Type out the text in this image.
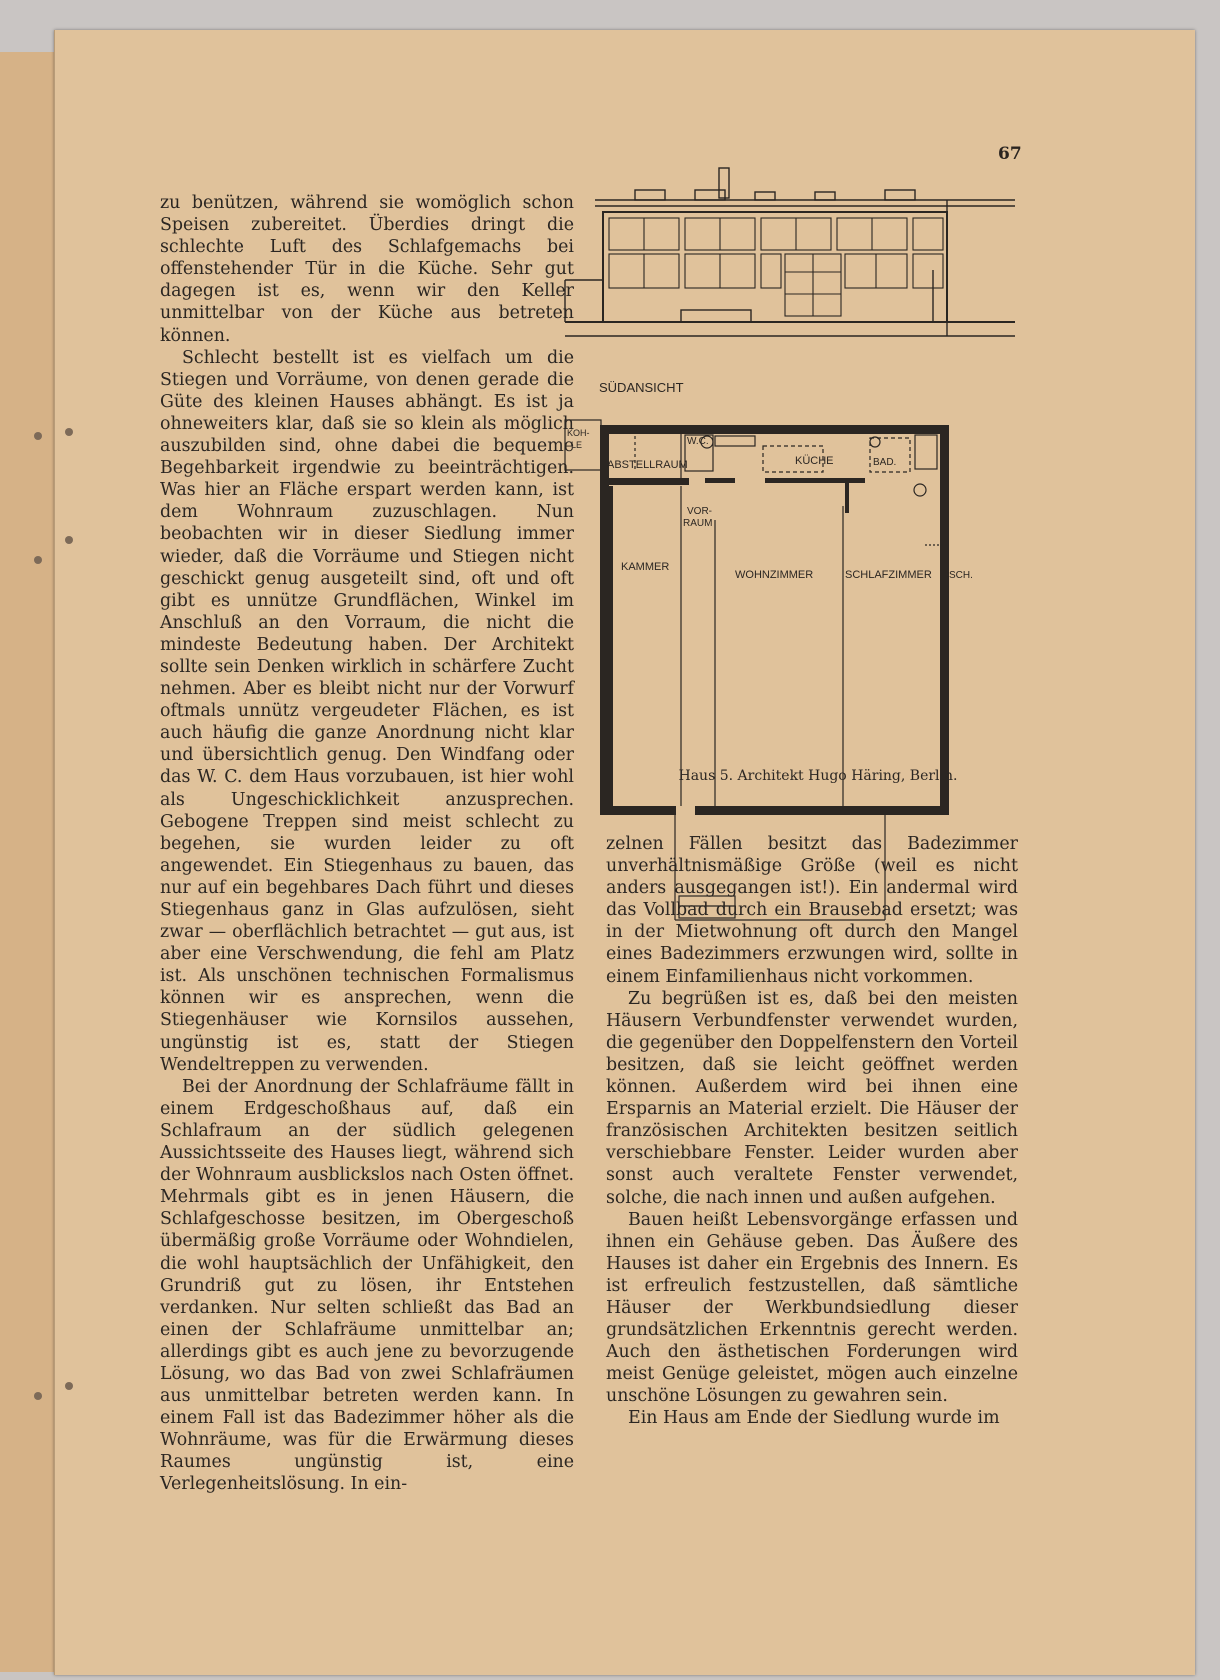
67

zu benützen, während sie womöglich schon Speisen zubereitet. Überdies dringt die schlechte Luft des Schlafgemachs bei offenstehender Tür in die Küche. Sehr gut dagegen ist es, wenn wir den Keller unmittelbar von der Küche aus betreten können.

Schlecht bestellt ist es vielfach um die Stiegen und Vorräume, von denen gerade die Güte des kleinen Hauses abhängt. Es ist ja ohneweiters klar, daß sie so klein als möglich auszubilden sind, ohne dabei die bequeme Begehbarkeit irgendwie zu beeinträchtigen. Was hier an Fläche erspart werden kann, ist dem Wohnraum zuzuschlagen. Nun beobachten wir in dieser Siedlung immer wieder, daß die Vorräume und Stiegen nicht geschickt genug ausgeteilt sind, oft und oft gibt es unnütze Grundflächen, Winkel im Anschluß an den Vorraum, die nicht die mindeste Bedeutung haben. Der Architekt sollte sein Denken wirklich in schärfere Zucht nehmen. Aber es bleibt nicht nur der Vorwurf oftmals unnütz vergeudeter Flächen, es ist auch häufig die ganze Anordnung nicht klar und übersichtlich genug. Den Windfang oder das W. C. dem Haus vorzubauen, ist hier wohl als Ungeschicklichkeit anzusprechen. Gebogene Treppen sind meist schlecht zu begehen, sie wurden leider zu oft angewendet. Ein Stiegenhaus zu bauen, das nur auf ein begehbares Dach führt und dieses Stiegenhaus ganz in Glas aufzulösen, sieht zwar — oberflächlich betrachtet — gut aus, ist aber eine Verschwendung, die fehl am Platz ist. Als unschönen technischen Formalismus können wir es ansprechen, wenn die Stiegenhäuser wie Kornsilos aussehen, ungünstig ist es, statt der Stiegen Wendeltreppen zu verwenden.

Bei der Anordnung der Schlafräume fällt in einem Erdgeschoßhaus auf, daß ein Schlafraum an der südlich gelegenen Aussichtsseite des Hauses liegt, während sich der Wohnraum ausblickslos nach Osten öffnet. Mehrmals gibt es in jenen Häusern, die Schlafgeschosse besitzen, im Obergeschoß übermäßig große Vorräume oder Wohndielen, die wohl hauptsächlich der Unfähigkeit, den Grundriß gut zu lösen, ihr Entstehen verdanken. Nur selten schließt das Bad an einen der Schlafräume unmittelbar an; allerdings gibt es auch jene zu bevorzugende Lösung, wo das Bad von zwei Schlafräumen aus unmittelbar betreten werden kann. In einem Fall ist das Badezimmer höher als die Wohnräume, was für die Erwärmung dieses Raumes ungünstig ist, eine Verlegenheitslösung. In ein-

zelnen Fällen besitzt das Badezimmer unverhältnismäßige Größe (weil es nicht anders ausgegangen ist!). Ein andermal wird das Vollbad durch ein Brausebad ersetzt; was in der Mietwohnung oft durch den Mangel eines Badezimmers erzwungen wird, sollte in einem Einfamilienhaus nicht vorkommen.

Zu begrüßen ist es, daß bei den meisten Häusern Verbundfenster verwendet wurden, die gegenüber den Doppelfenstern den Vorteil besitzen, daß sie leicht geöffnet werden können. Außerdem wird bei ihnen eine Ersparnis an Material erzielt. Die Häuser der französischen Architekten besitzen seitlich verschiebbare Fenster. Leider wurden aber sonst auch veraltete Fenster verwendet, solche, die nach innen und außen aufgehen.

Bauen heißt Lebensvorgänge erfassen und ihnen ein Gehäuse geben. Das Äußere des Hauses ist daher ein Ergebnis des Innern. Es ist erfreulich festzustellen, daß sämtliche Häuser der Werkbundsiedlung dieser grundsätzlichen Erkenntnis gerecht werden. Auch den ästhetischen Forderungen wird meist Genüge geleistet, mögen auch einzelne unschöne Lösungen zu gewahren sein.

Ein Haus am Ende der Siedlung wurde im

SÜDANSICHT
KOH-
LE	W.C.
ABSTELLRAUM	KÜCHE	BAD.
VOR-
RAUM
KAMMER
WOHNZIMMER	SCHLAFZIMMER SCH.
Haus 5. Architekt Hugo Häring, Berlin.
